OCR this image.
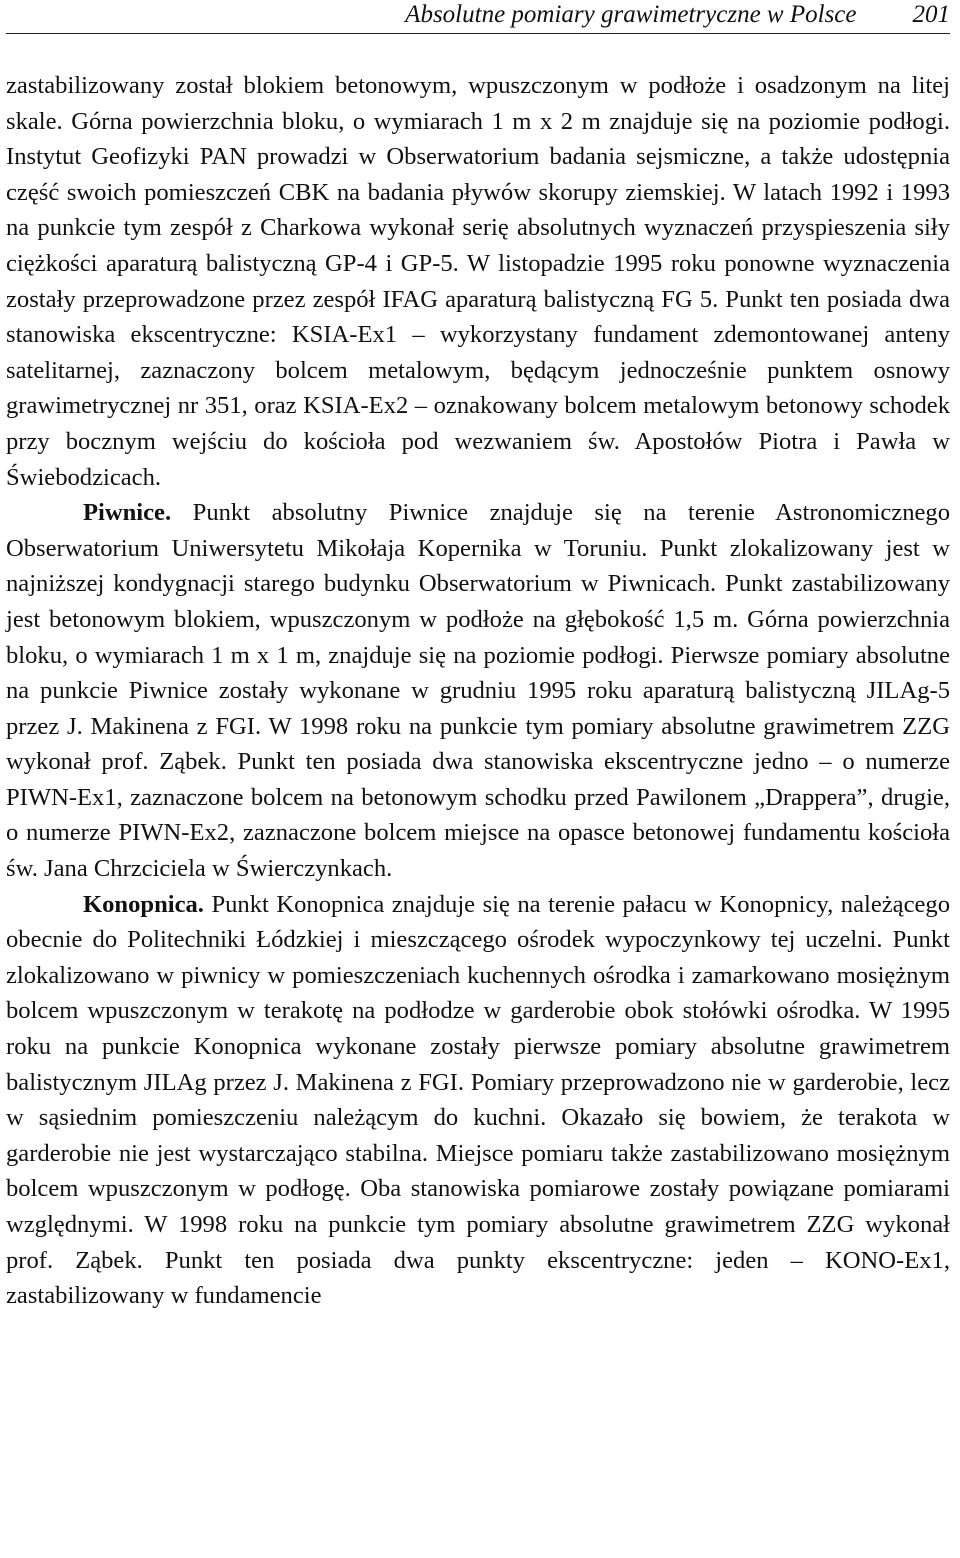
Absolutne pomiary grawimetryczne w Polsce 201

zastabilizowany został blokiem betonowym, wpuszczonym w podłoże i osadzonym na litej skale. Górna powierzchnia bloku, o wymiarach 1 m x 2 m znajduje się na poziomie podłogi. Instytut Geofizyki PAN prowadzi w Obserwatorium badania sejsmiczne, a także udostępnia część swoich pomieszczeń CBK na badania pływów skorupy ziemskiej. W latach 1992 i 1993 na punkcie tym zespół z Charkowa wykonał serię absolutnych wyznaczeń przyspieszenia siły ciężkości aparaturą balistyczną GP-4 i GP-5. W listopadzie 1995 roku ponowne wyznaczenia zostały przeprowadzone przez zespół IFAG aparaturą balistyczną FG 5. Punkt ten posiada dwa stanowiska ekscentryczne: KSIA-Ex1 – wykorzystany fundament zdemontowanej anteny satelitarnej, zaznaczony bolcem metalowym, będącym jednocześnie punktem osnowy grawimetrycznej nr 351, oraz KSIA-Ex2 – oznakowany bolcem metalowym betonowy schodek przy bocznym wejściu do kościoła pod wezwaniem św. Apostołów Piotra i Pawła w Świebodzicach.

Piwnice. Punkt absolutny Piwnice znajduje się na terenie Astronomicznego Obserwatorium Uniwersytetu Mikołaja Kopernika w Toruniu. Punkt zlokalizowany jest w najniższej kondygnacji starego budynku Obserwatorium w Piwnicach. Punkt zastabilizowany jest betonowym blokiem, wpuszczonym w podłoże na głębokość 1,5 m. Górna powierzchnia bloku, o wymiarach 1 m x 1 m, znajduje się na poziomie podłogi. Pierwsze pomiary absolutne na punkcie Piwnice zostały wykonane w grudniu 1995 roku aparaturą balistyczną JILAg-5 przez J. Makinena z FGI. W 1998 roku na punkcie tym pomiary absolutne grawimetrem ZZG wykonał prof. Ząbek. Punkt ten posiada dwa stanowiska ekscentryczne jedno – o numerze PIWN-Ex1, zaznaczone bolcem na betonowym schodku przed Pawilonem „Drappera”, drugie, o numerze PIWN-Ex2, zaznaczone bolcem miejsce na opasce betonowej fundamentu kościoła św. Jana Chrzciciela w Świerczynkach.

Konopnica. Punkt Konopnica znajduje się na terenie pałacu w Konopnicy, należącego obecnie do Politechniki Łódzkiej i mieszczącego ośrodek wypoczynkowy tej uczelni. Punkt zlokalizowano w piwnicy w pomieszczeniach kuchennych ośrodka i zamarkowano mosiężnym bolcem wpuszczonym w terakotę na podłodze w garderobie obok stołówki ośrodka. W 1995 roku na punkcie Konopnica wykonane zostały pierwsze pomiary absolutne grawimetrem balistycznym JILAg przez J. Makinena z FGI. Pomiary przeprowadzono nie w garderobie, lecz w sąsiednim pomieszczeniu należącym do kuchni. Okazało się bowiem, że terakota w garderobie nie jest wystarczająco stabilna. Miejsce pomiaru także zastabilizowano mosiężnym bolcem wpuszczonym w podłogę. Oba stanowiska pomiarowe zostały powiązane pomiarami względnymi. W 1998 roku na punkcie tym pomiary absolutne grawimetrem ZZG wykonał prof. Ząbek. Punkt ten posiada dwa punkty ekscentryczne: jeden – KONO-Ex1, zastabilizowany w fundamencie
